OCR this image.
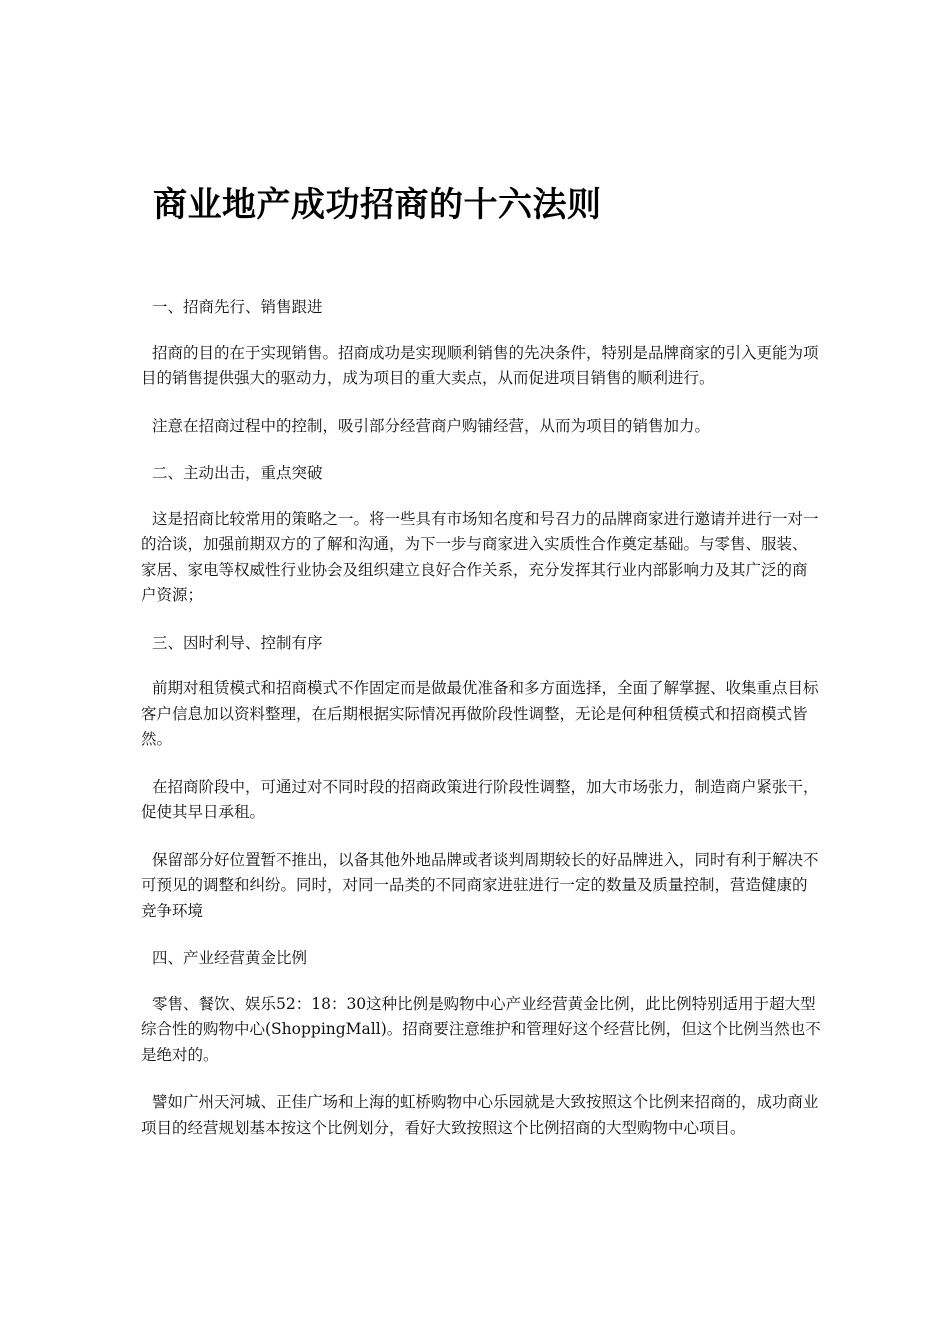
商业地产成功招商的十六法则

一、招商先行、销售跟进

招商的目的在于实现销售。招商成功是实现顺利销售的先决条件，特别是品牌商家的引入更能为项目的销售提供强大的驱动力，成为项目的重大卖点，从而促进项目销售的顺利进行。

注意在招商过程中的控制，吸引部分经营商户购铺经营，从而为项目的销售加力。

二、主动出击，重点突破

这是招商比较常用的策略之一。将一些具有市场知名度和号召力的品牌商家进行邀请并进行一对一的洽谈，加强前期双方的了解和沟通，为下一步与商家进入实质性合作奠定基础。与零售、服装、家居、家电等权威性行业协会及组织建立良好合作关系，充分发挥其行业内部影响力及其广泛的商户资源；

三、因时利导、控制有序

前期对租赁模式和招商模式不作固定而是做最优准备和多方面选择，全面了解掌握、收集重点目标客户信息加以资料整理，在后期根据实际情况再做阶段性调整，无论是何种租赁模式和招商模式皆然。

在招商阶段中，可通过对不同时段的招商政策进行阶段性调整，加大市场张力，制造商户紧张干，促使其早日承租。

保留部分好位置暂不推出，以备其他外地品牌或者谈判周期较长的好品牌进入，同时有利于解决不可预见的调整和纠纷。同时，对同一品类的不同商家进驻进行一定的数量及质量控制，营造健康的竞争环境

四、产业经营黄金比例

零售、餐饮、娱乐52：18：30这种比例是购物中心产业经营黄金比例，此比例特别适用于超大型综合性的购物中心(ShoppingMall)。招商要注意维护和管理好这个经营比例，但这个比例当然也不是绝对的。

譬如广州天河城、正佳广场和上海的虹桥购物中心乐园就是大致按照这个比例来招商的，成功商业项目的经营规划基本按这个比例划分，看好大致按照这个比例招商的大型购物中心项目。
